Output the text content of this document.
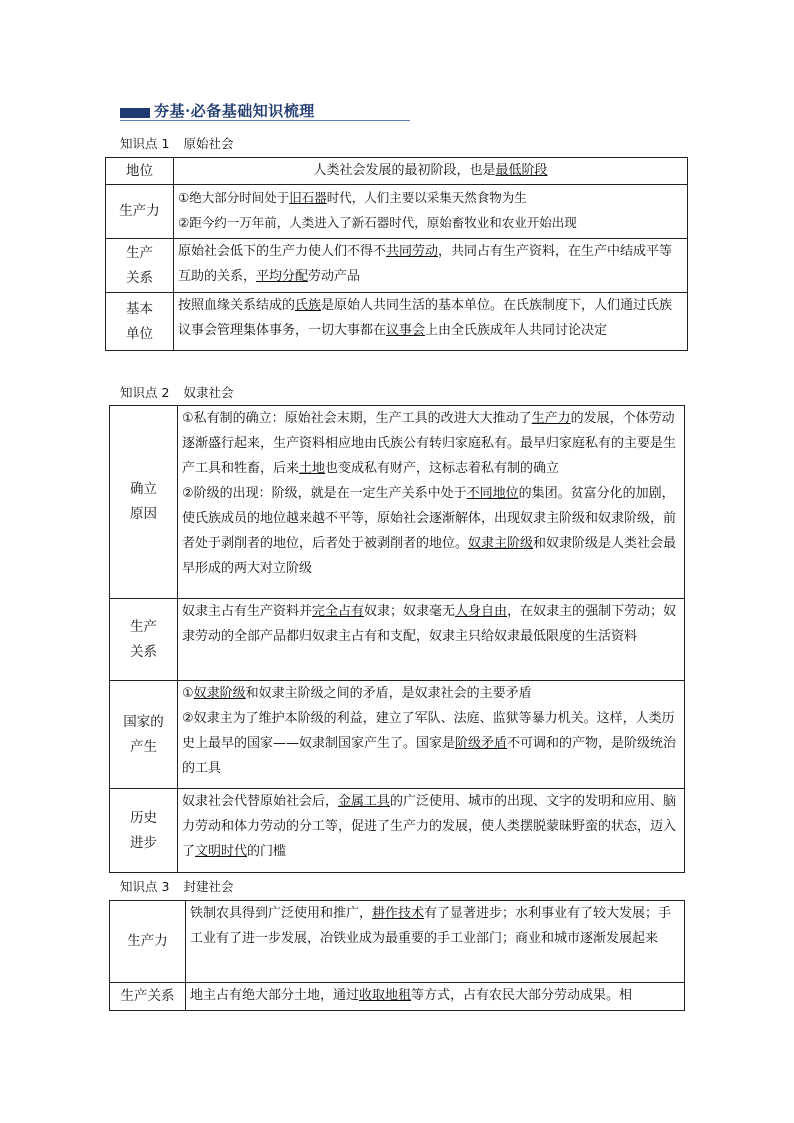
夯基·必备基础知识梳理
知识点 1 原始社会
地位	人类社会发展的最初阶段，也是最低阶段
生产力	①绝大部分时间处于旧石器时代，人们主要以采集天然食物为生

②距今约一万年前，人类进入了新石器时代，原始畜牧业和农业开始出现

生产
关系	原始社会低下的生产力使人们不得不共同劳动，共同占有生产资料，在生产中结成平等互助的关系，平均分配劳动产品
基本
单位	按照血缘关系结成的氏族是原始人共同生活的基本单位。在氏族制度下，人们通过氏族议事会管理集体事务，一切大事都在议事会上由全氏族成年人共同讨论决定
知识点 2 奴隶社会
确立
原因	①私有制的确立：原始社会末期，生产工具的改进大大推动了生产力的发展，个体劳动逐渐盛行起来，生产资料相应地由氏族公有转归家庭私有。最早归家庭私有的主要是生产工具和牲畜，后来土地也变成私有财产，这标志着私有制的确立
②阶级的出现：阶级，就是在一定生产关系中处于不同地位的集团。贫富分化的加剧，使氏族成员的地位越来越不平等，原始社会逐渐解体，出现奴隶主阶级和奴隶阶级，前者处于剥削者的地位，后者处于被剥削者的地位。奴隶主阶级和奴隶阶级是人类社会最早形成的两大对立阶级
生产
关系	奴隶主占有生产资料并完全占有奴隶；奴隶毫无人身自由，在奴隶主的强制下劳动；奴隶劳动的全部产品都归奴隶主占有和支配，奴隶主只给奴隶最低限度的生活资料
国家的
产生	①奴隶阶级和奴隶主阶级之间的矛盾，是奴隶社会的主要矛盾
②奴隶主为了维护本阶级的利益，建立了军队、法庭、监狱等暴力机关。这样，人类历史上最早的国家——奴隶制国家产生了。国家是阶级矛盾不可调和的产物，是阶级统治的工具
历史
进步	奴隶社会代替原始社会后，金属工具的广泛使用、城市的出现、文字的发明和应用、脑力劳动和体力劳动的分工等，促进了生产力的发展，使人类摆脱蒙昧野蛮的状态，迈入了文明时代的门槛
知识点 3 封建社会
生产力	铁制农具得到广泛使用和推广，耕作技术有了显著进步；水利事业有了较大发展；手工业有了进一步发展，冶铁业成为最重要的手工业部门；商业和城市逐渐发展起来
生产关系	地主占有绝大部分土地，通过收取地租等方式，占有农民大部分劳动成果。相
